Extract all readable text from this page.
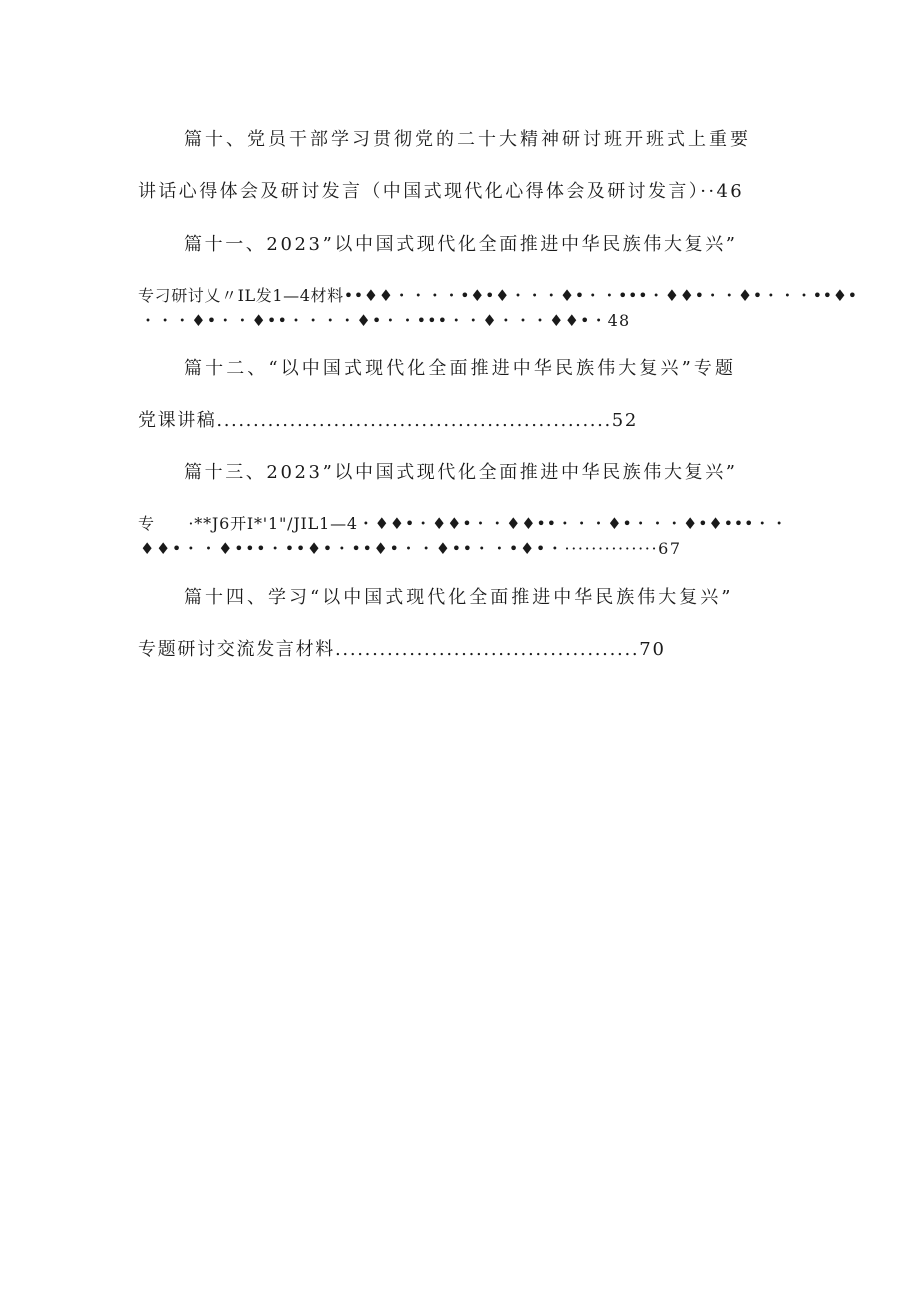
篇十、党员干部学习贯彻党的二十大精神研讨班开班式上重要
讲话心得体会及研讨发言（中国式现代化心得体会及研讨发言）··46
篇十一、2023”以中国式现代化全面推进中华民族伟大复兴”
专刁研讨乂〃IL发1—4材料••♦♦・・・・•♦•♦・・・♦•・・•••・♦♦•・・♦•・・・••♦•
・・・♦•・・♦••・・・・♦•・・•••・・♦・・・♦♦•・48
篇十二、“以中国式现代化全面推进中华民族伟大复兴”专题
党课讲稿......................................................52
篇十三、2023”以中国式现代化全面推进中华民族伟大复兴”
专　　·**J6开I*'1"/JIL1—4・♦♦•・♦♦•・・♦♦••・・・♦•・・・♦•♦•••・・
♦♦•・・♦•••・••♦•・••♦•・・♦••・・•♦•・··············67
篇十四、学习“以中国式现代化全面推进中华民族伟大复兴”
专题研讨交流发言材料.........................................70
